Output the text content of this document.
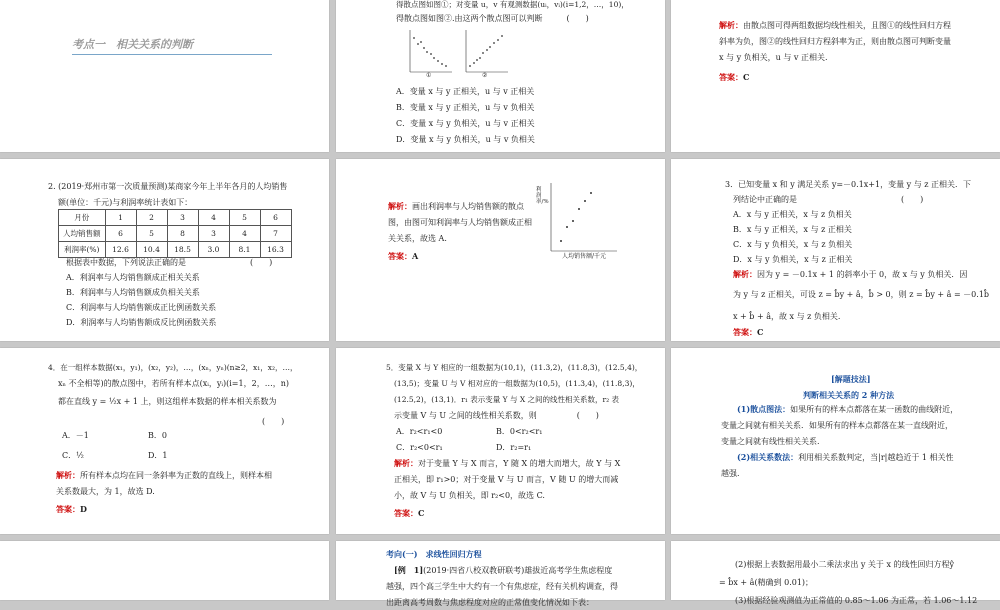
考点一　相关关系的判断
得散点图如图①；对变量 u，v 有观测数据(uᵢ，vᵢ)(i=1,2，…，10)，
得散点图如图②.由这两个散点图可以判断　　　(　　)
①	②
A．变量 x 与 y 正相关，u 与 v 正相关
B．变量 x 与 y 正相关，u 与 v 负相关
C．变量 x 与 y 负相关，u 与 v 正相关
D．变量 x 与 y 负相关，u 与 v 负相关
解析：由散点图可得两组数据均线性相关，且图①的线性回归方程
斜率为负，图②的线性回归方程斜率为正，则由散点图可判断变量
x 与 y 负相关，u 与 v 正相关.
答案：C
2. (2019·郑州市第一次质量预测)某商家今年上半年各月的人均销售
额(单位：千元)与利润率统计表如下：
月份	1	2	3	4	5	6
人均销售额	6	5	8	3	4	7
利润率(%)	12.6	10.4	18.5	3.0	8.1	16.3
根据表中数据，下列说法正确的是　　　　　　　　(　　)
A．利润率与人均销售额成正相关关系
B．利润率与人均销售额成负相关关系
C．利润率与人均销售额成正比例函数关系
D．利润率与人均销售额成反比例函数关系
解析：画出利润率与人均销售额的散点
图，由图可知利润率与人均销售额成正相
关关系，故选 A.
答案：A
利润率/%
人均销售额/千元
3．已知变量 x 和 y 满足关系 y=－0.1x+1，变量 y 与 z 正相关．下
列结论中正确的是　　　　　　　　　　　　　(　　)
A．x 与 y 正相关，x 与 z 负相关
B．x 与 y 正相关，x 与 z 正相关
C．x 与 y 负相关，x 与 z 负相关
D．x 与 y 负相关，x 与 z 正相关
解析：因为 y = －0.1x + 1 的斜率小于 0，故 x 与 y 负相关．因
为 y 与 z 正相关，可设 z = b̂y + â，b̂ > 0，则 z = b̂y + â = －0.1b̂
x + b̂ + â，故 x 与 z 负相关.
答案：C
4．在一组样本数据(x₁，y₁)，(x₂，y₂)，…，(xₙ，yₙ)(n≥2，x₁，x₂，…，
xₙ 不全相等)的散点图中，若所有样本点(xᵢ，yᵢ)(i=1，2，…，n)
都在直线 y = ½x + 1 上，则这组样本数据的样本相关系数为
(　　)
A．－1	B．0
C．½	D．1
解析：所有样本点均在同一条斜率为正数的直线上，则样本相
关系数最大，为 1，故选 D.
答案：D
5．变量 X 与 Y 相应的一组数据为(10,1)，(11.3,2)，(11.8,3)，(12.5,4)，
(13,5)；变量 U 与 V 相对应的一组数据为(10,5)，(11.3,4)，(11.8,3)，
(12.5,2)，(13,1)．r₁ 表示变量 Y 与 X 之间的线性相关系数，r₂ 表
示变量 V 与 U 之间的线性相关系数，则　　　　　(　　)
A．r₂<r₁<0	B．0<r₂<r₁
C．r₂<0<r₁	D．r₂=r₁
解析：对于变量 Y 与 X 而言，Y 随 X 的增大而增大，故 Y 与 X
正相关，即 r₁>0；对于变量 V 与 U 而言，V 随 U 的增大而减
小，故 V 与 U 负相关，即 r₂<0，故选 C.
答案：C
[解题技法]
判断相关关系的 2 种方法
(1)散点图法：如果所有的样本点都落在某一函数的曲线附近，
变量之间就有相关关系．如果所有的样本点都落在某一直线附近，
变量之间就有线性相关关系.
(2)相关系数法：利用相关系数判定，当|r|越趋近于 1 相关性
越强.
考向(一)　求线性回归方程
[例　1](2019·四省八校双教研联考)雄拔近高考学生焦虑程度
越强，四个高三学生中大约有一个有焦虑症，经有关机构调查，得
出距离高考周数与焦虑程度对应的正常值变化情况如下表：
(2)根据上表数据用最小二乘法求出 y 关于 x 的线性回归方程ŷ
= b̂x + â(精确到 0.01)；
(3)根据经验观测值为正常值的 0.85～1.06 为正常，若 1.06～1.12
